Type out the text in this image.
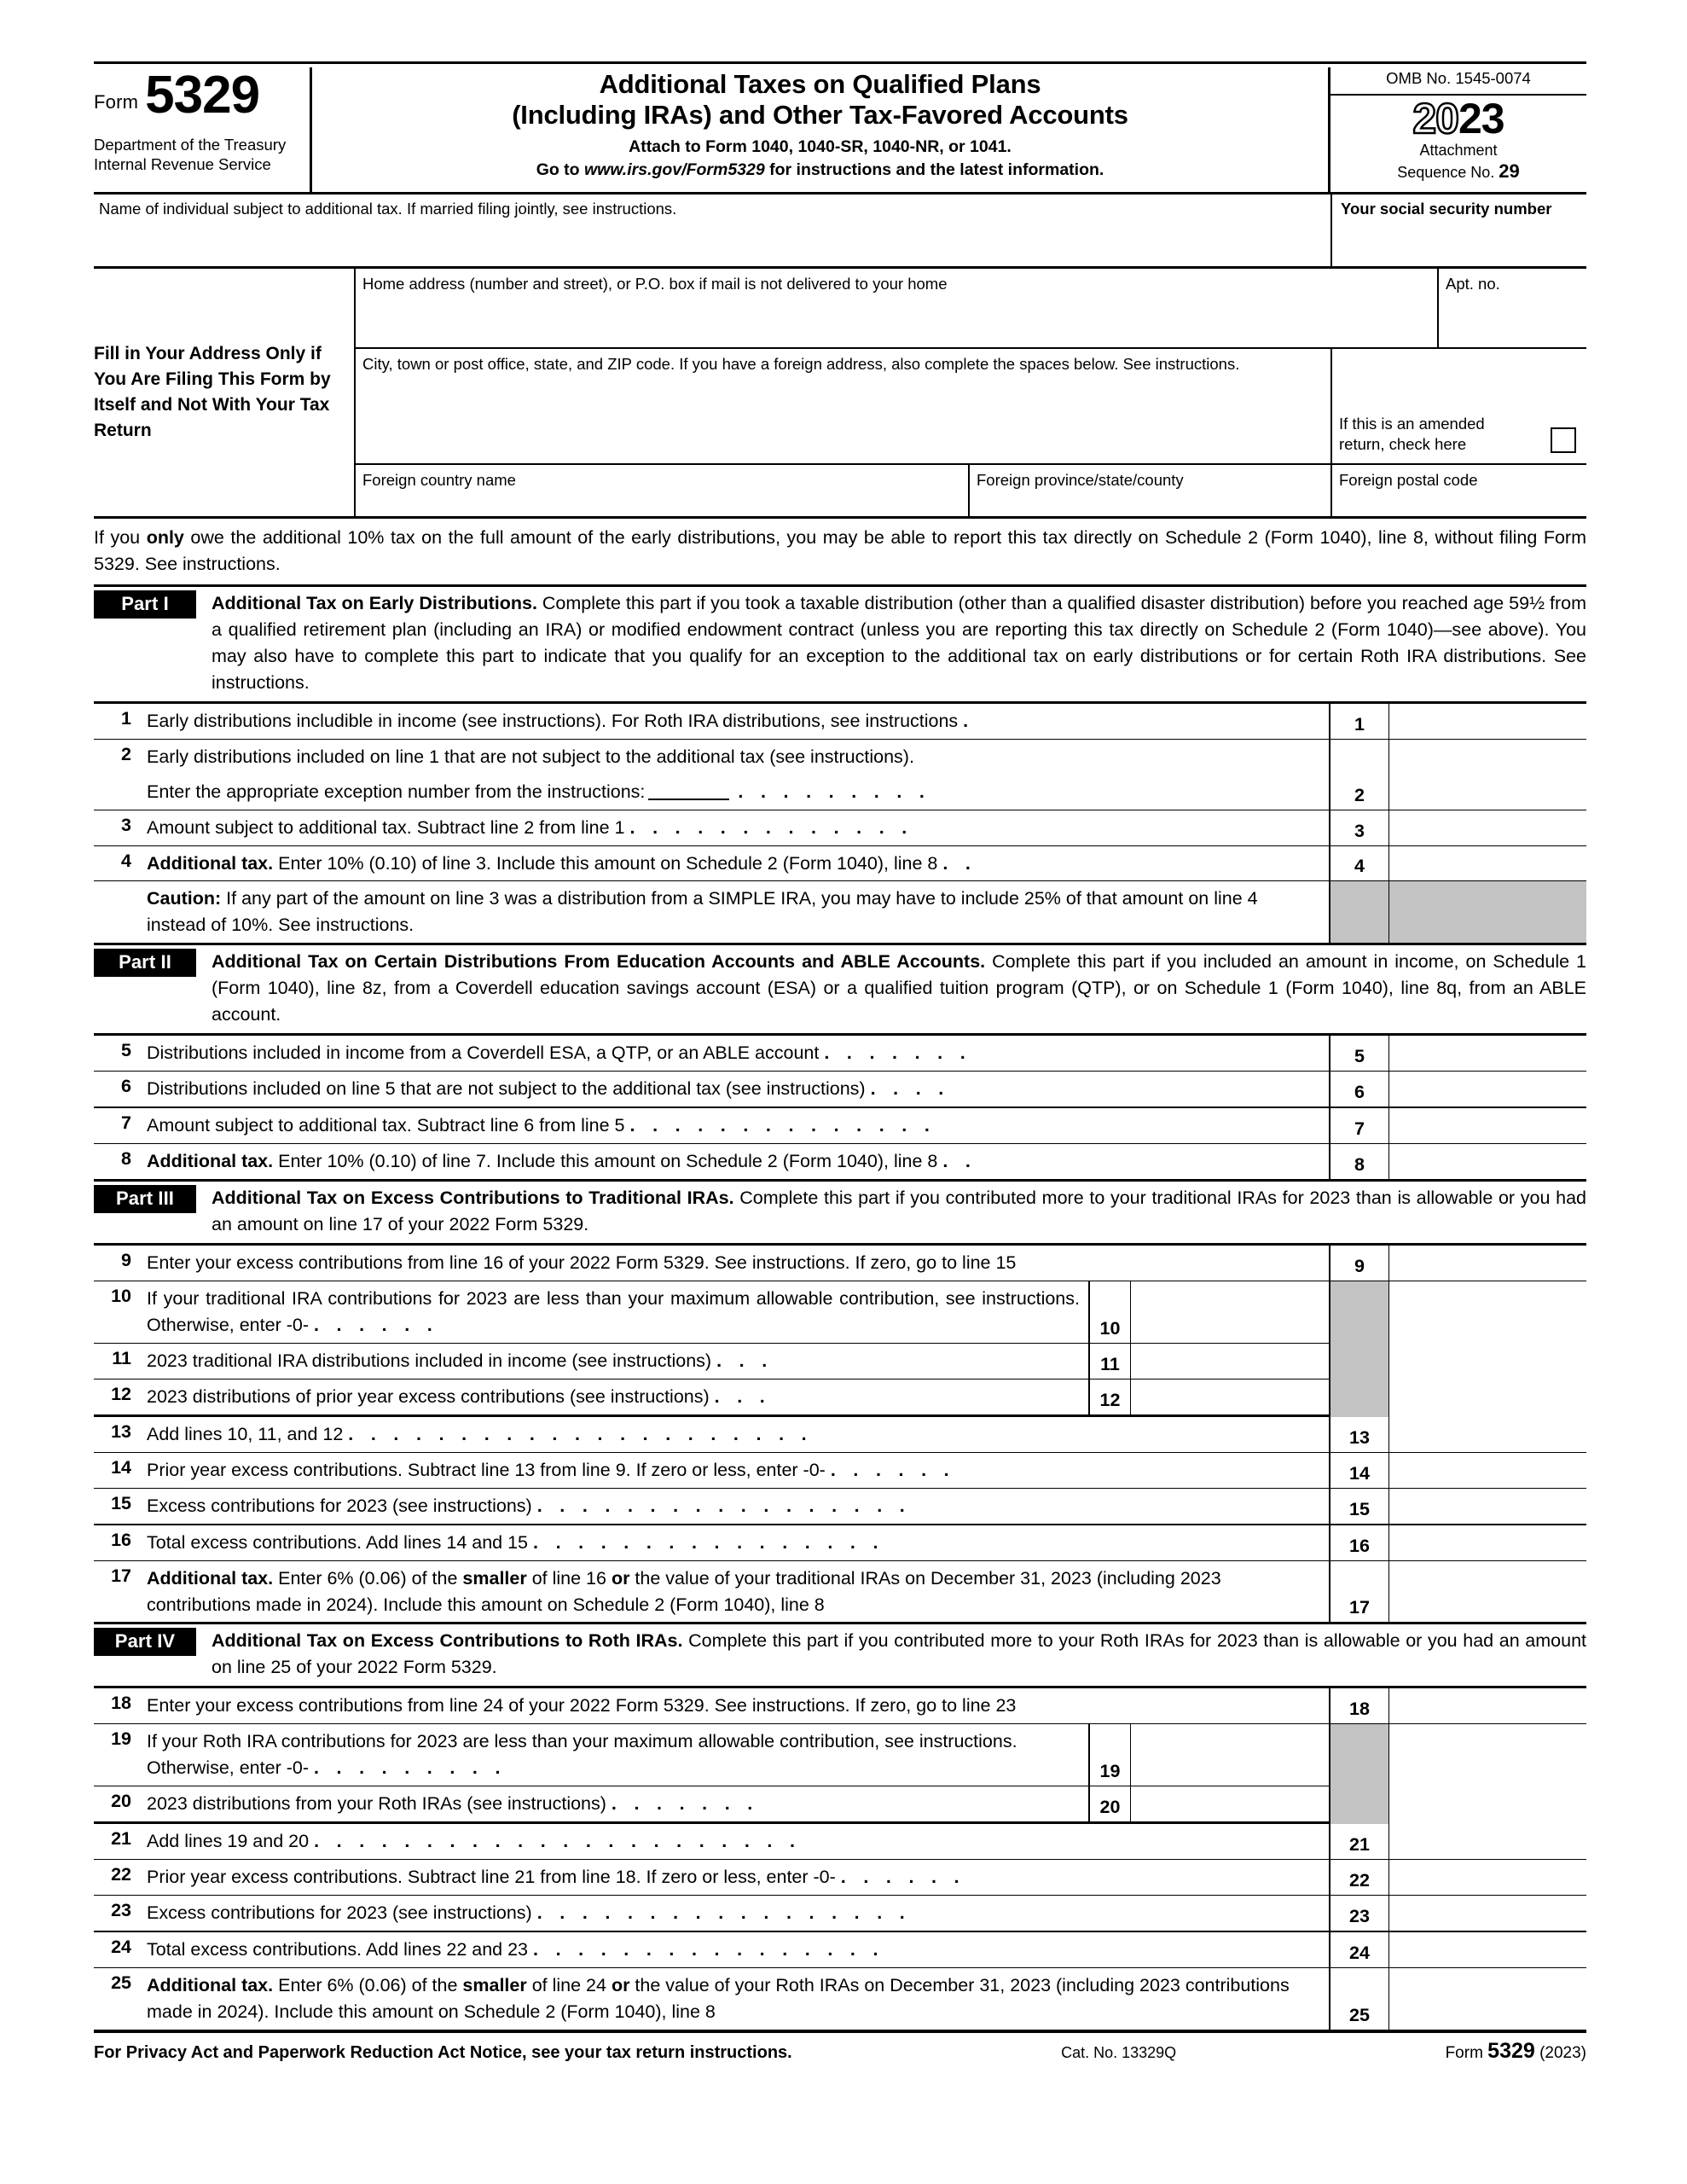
Form 5329
Department of the Treasury
Internal Revenue Service
Additional Taxes on Qualified Plans
(Including IRAs) and Other Tax-Favored Accounts
Attach to Form 1040, 1040-SR, 1040-NR, or 1041.
Go to www.irs.gov/Form5329 for instructions and the latest information.
OMB No. 1545-0074
2023
Attachment
Sequence No. 29
Name of individual subject to additional tax. If married filing jointly, see instructions.	Your social security number

Fill in Your Address Only if You Are Filing This Form by Itself and Not With Your Tax Return

Home address (number and street), or P.O. box if mail is not delivered to your home	Apt. no.
City, town or post office, state, and ZIP code. If you have a foreign address, also complete the spaces below. See instructions.
If this is an amended
return, check here
Foreign country name	Foreign province/state/county	Foreign postal code
If you only owe the additional 10% tax on the full amount of the early distributions, you may be able to report this tax directly on Schedule 2 (Form 1040), line 8, without filing Form 5329. See instructions.
Part I	Additional Tax on Early Distributions. Complete this part if you took a taxable distribution (other than a qualified disaster distribution) before you reached age 59½ from a qualified retirement plan (including an IRA) or modified endowment contract (unless you are reporting this tax directly on Schedule 2 (Form 1040)—see above). You may also have to complete this part to indicate that you qualify for an exception to the additional tax on early distributions or for certain Roth IRA distributions. See instructions.
1 Early distributions includible in income (see instructions). For Roth IRA distributions, see instructions .	1
2 Early distributions included on line 1 that are not subject to the additional tax (see instructions).
Enter the appropriate exception number from the instructions:	. . . . . . . . .	2
3 Amount subject to additional tax. Subtract line 2 from line 1 . . . . . . . . . . . . .	3
4 Additional tax. Enter 10% (0.10) of line 3. Include this amount on Schedule 2 (Form 1040), line 8 . .	4
Caution: If any part of the amount on line 3 was a distribution from a SIMPLE IRA, you may have to include 25% of that amount on line 4 instead of 10%. See instructions.
Part II	Additional Tax on Certain Distributions From Education Accounts and ABLE Accounts. Complete this part if you included an amount in income, on Schedule 1 (Form 1040), line 8z, from a Coverdell education savings account (ESA) or a qualified tuition program (QTP), or on Schedule 1 (Form 1040), line 8q, from an ABLE account.
5 Distributions included in income from a Coverdell ESA, a QTP, or an ABLE account . . . . . . .	5
6 Distributions included on line 5 that are not subject to the additional tax (see instructions) . . . .	6
7 Amount subject to additional tax. Subtract line 6 from line 5 . . . . . . . . . . . . . .	7
8 Additional tax. Enter 10% (0.10) of line 7. Include this amount on Schedule 2 (Form 1040), line 8 . .	8
Part III	Additional Tax on Excess Contributions to Traditional IRAs. Complete this part if you contributed more to your traditional IRAs for 2023 than is allowable or you had an amount on line 17 of your 2022 Form 5329.
9 Enter your excess contributions from line 16 of your 2022 Form 5329. See instructions. If zero, go to line 15	9
10 If your traditional IRA contributions for 2023 are less than your maximum allowable contribution, see instructions. Otherwise, enter -0- . . . . . .	10
11 2023 traditional IRA distributions included in income (see instructions) . . .	11
12 2023 distributions of prior year excess contributions (see instructions) . . .	12
13 Add lines 10, 11, and 12 . . . . . . . . . . . . . . . . . . . . .	13
14 Prior year excess contributions. Subtract line 13 from line 9. If zero or less, enter -0- . . . . . .	14
15 Excess contributions for 2023 (see instructions) . . . . . . . . . . . . . . . . .	15
16 Total excess contributions. Add lines 14 and 15 . . . . . . . . . . . . . . . .	16
17 Additional tax. Enter 6% (0.06) of the smaller of line 16 or the value of your traditional IRAs on December 31, 2023 (including 2023 contributions made in 2024). Include this amount on Schedule 2 (Form 1040), line 8	17
Part IV	Additional Tax on Excess Contributions to Roth IRAs. Complete this part if you contributed more to your Roth IRAs for 2023 than is allowable or you had an amount on line 25 of your 2022 Form 5329.
18 Enter your excess contributions from line 24 of your 2022 Form 5329. See instructions. If zero, go to line 23	18
19 If your Roth IRA contributions for 2023 are less than your maximum allowable contribution, see instructions. Otherwise, enter -0- . . . . . . . . .	19
20 2023 distributions from your Roth IRAs (see instructions) . . . . . . .	20
21 Add lines 19 and 20 . . . . . . . . . . . . . . . . . . . . . .	21
22 Prior year excess contributions. Subtract line 21 from line 18. If zero or less, enter -0- . . . . . .	22
23 Excess contributions for 2023 (see instructions) . . . . . . . . . . . . . . . . .	23
24 Total excess contributions. Add lines 22 and 23 . . . . . . . . . . . . . . . .	24
25 Additional tax. Enter 6% (0.06) of the smaller of line 24 or the value of your Roth IRAs on December 31, 2023 (including 2023 contributions made in 2024). Include this amount on Schedule 2 (Form 1040), line 8	25
For Privacy Act and Paperwork Reduction Act Notice, see your tax return instructions.	Cat. No. 13329Q	Form 5329 (2023)
